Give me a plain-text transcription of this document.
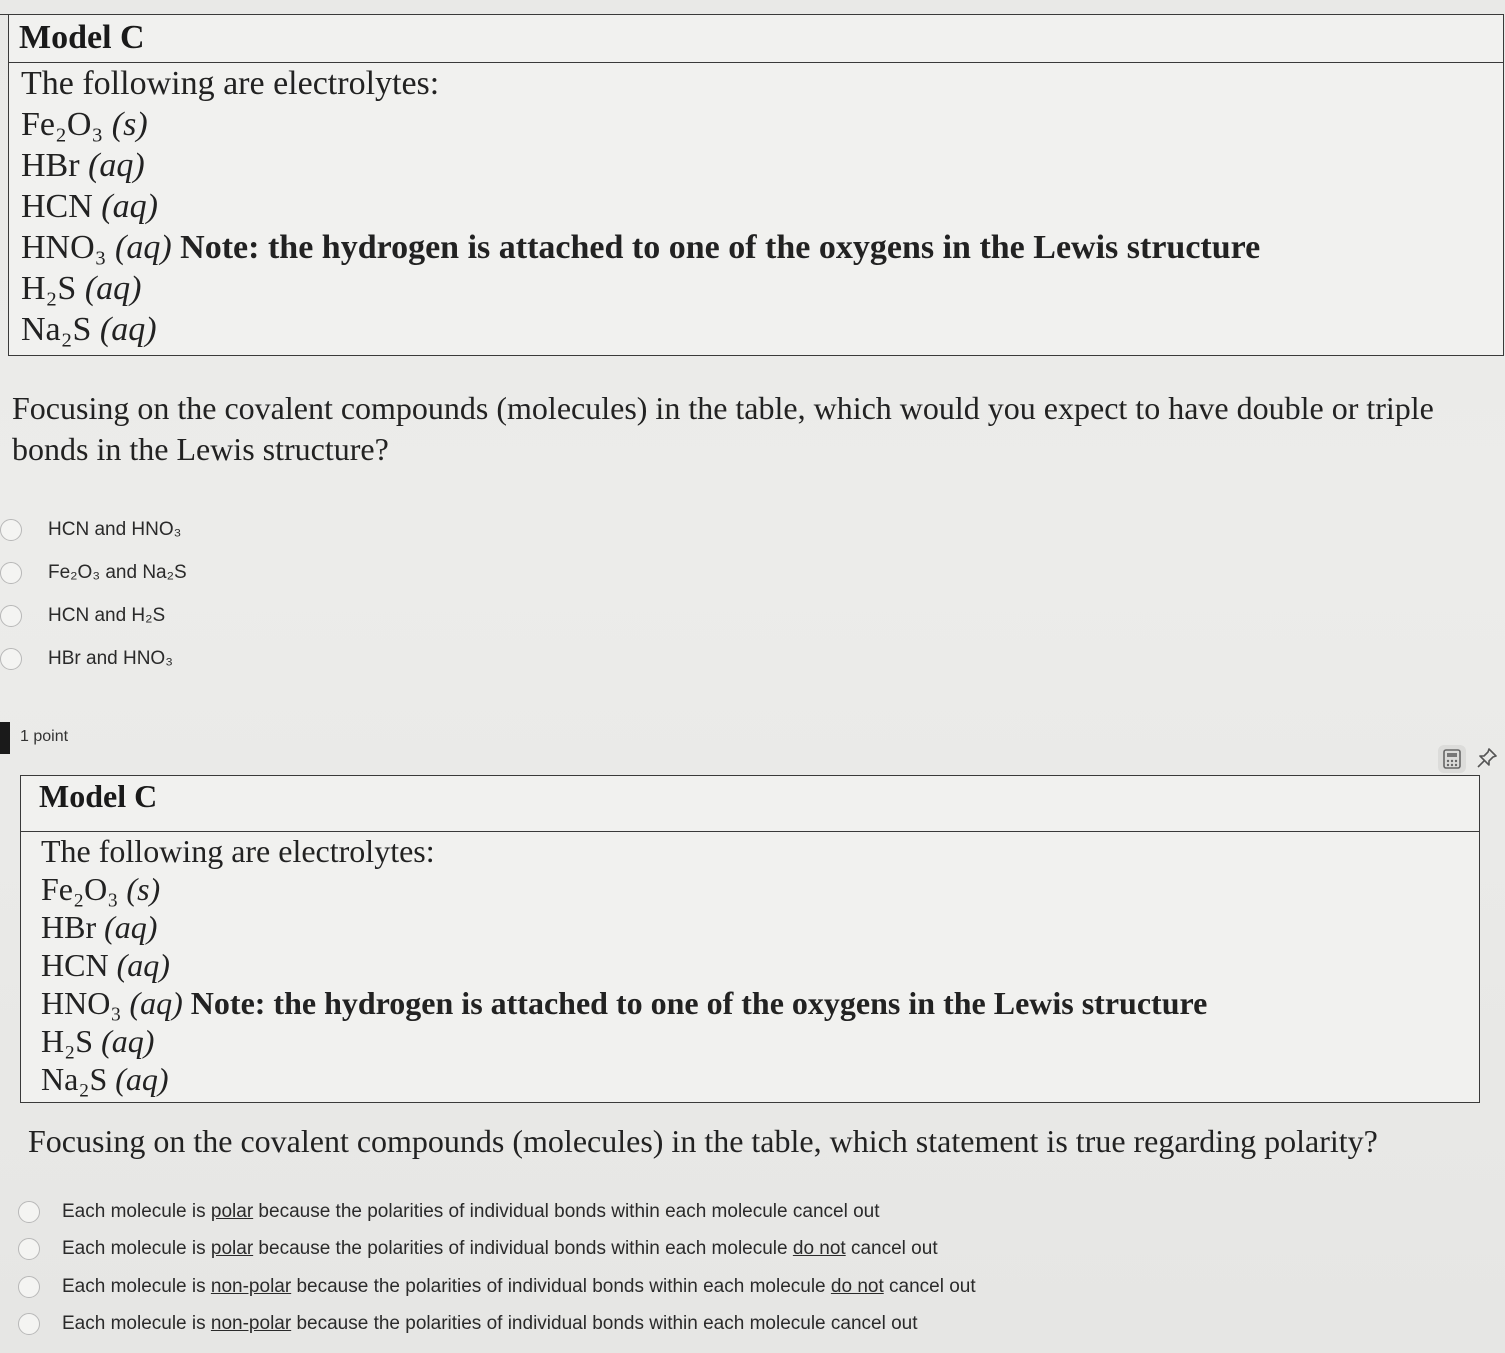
Model C
The following are electrolytes:
Fe₂O₃ (s)
HBr (aq)
HCN (aq)
HNO₃ (aq) Note: the hydrogen is attached to one of the oxygens in the Lewis structure
H₂S (aq)
Na₂S (aq)
Focusing on the covalent compounds (molecules) in the table, which would you expect to have double or triple bonds in the Lewis structure?
HCN and HNO₃
Fe₂O₃ and Na₂S
HCN and H₂S
HBr and HNO₃
1 point
Model C
The following are electrolytes:
Fe₂O₃ (s)
HBr (aq)
HCN (aq)
HNO₃ (aq) Note: the hydrogen is attached to one of the oxygens in the Lewis structure
H₂S (aq)
Na₂S (aq)
Focusing on the covalent compounds (molecules) in the table, which statement is true regarding polarity?
Each molecule is polar because the polarities of individual bonds within each molecule cancel out
Each molecule is polar because the polarities of individual bonds within each molecule do not cancel out
Each molecule is non-polar because the polarities of individual bonds within each molecule do not cancel out
Each molecule is non-polar because the polarities of individual bonds within each molecule cancel out
